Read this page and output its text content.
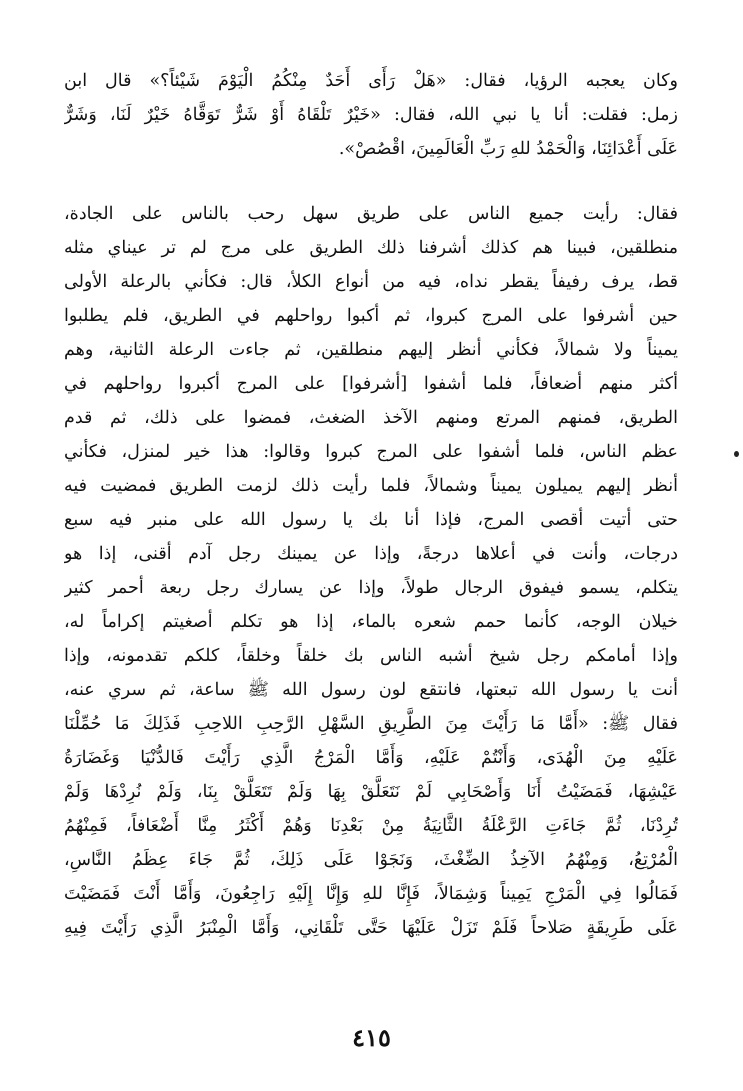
وكان يعجبه الرؤيا، فقال: «هَلْ رَأَى أَحَدٌ مِنْكُمُ الْيَوْمَ شَيْئاً؟» قال ابن
زمل: فقلت: أنا يا نبي الله، فقال: «خَيْرٌ تَلْقَاهُ أَوْ شَرٌّ تَوَقَّاهُ خَيْرٌ لَنَا، وَشَرٌّ
عَلَى أَعْدَائِنَا، وَالْحَمْدُ للهِ رَبِّ الْعَالَمِينَ، اقْصُصْ».
فقال: رأيت جميع الناس على طريق سهل رحب بالناس على الجادة،
منطلقين، فبينا هم كذلك أشرفنا ذلك الطريق على مرج لم تر عيناي مثله
قط، يرف رفيفاً يقطر نداه، فيه من أنواع الكلأ، قال: فكأني بالرعلة الأولى
حين أشرفوا على المرج كبروا، ثم أكبوا رواحلهم في الطريق، فلم يطلبوا
يميناً ولا شمالاً، فكأني أنظر إليهم منطلقين، ثم جاءت الرعلة الثانية، وهم
أكثر منهم أضعافاً، فلما أشفوا [أشرفوا] على المرج أكبروا رواحلهم في
الطريق، فمنهم المرتع ومنهم الآخذ الضغث، فمضوا على ذلك، ثم قدم
عظم الناس، فلما أشفوا على المرج كبروا وقالوا: هذا خير لمنزل، فكأني
أنظر إليهم يميلون يميناً وشمالاً، فلما رأيت ذلك لزمت الطريق فمضيت فيه
حتى أتيت أقصى المرج، فإذا أنا بك يا رسول الله على منبر فيه سبع
درجات، وأنت في أعلاها درجةً، وإذا عن يمينك رجل آدم أقنى، إذا هو
يتكلم، يسمو فيفوق الرجال طولاً، وإذا عن يسارك رجل ربعة أحمر كثير
خيلان الوجه، كأنما حمم شعره بالماء، إذا هو تكلم أصغيتم إكراماً له،
وإذا أمامكم رجل شيخ أشبه الناس بك خلقاً وخلقاً، كلكم تقدمونه، وإذا
أنت يا رسول الله تبعتها، فانتقع لون رسول الله ﷺ ساعة، ثم سري عنه،
فقال ﷺ: «أَمَّا مَا رَأَيْتَ مِنَ الطَّرِيقِ السَّهْلِ الرَّحِبِ اللاحِبِ فَذَلِكَ مَا حُمِّلْنَا
عَلَيْهِ مِنَ الْهُدَى، وَأَنْتُمْ عَلَيْهِ، وَأَمَّا الْمَرْجُ الَّذِي رَأَيْتَ فَالدُّنْيَا وَغَضَارَةُ
عَيْشِهَا، فَمَضَيْتُ أَنَا وَأَصْحَابِي لَمْ نَتَعَلَّقْ بِهَا وَلَمْ تَتَعَلَّقْ بِنَا، وَلَمْ نُرِدْهَا وَلَمْ
تُرِدْنَا، ثُمَّ جَاءَتِ الرَّعْلَةُ الثَّانِيَةُ مِنْ بَعْدِنَا وَهُمْ أَكْثَرُ مِنَّا أَضْعَافاً، فَمِنْهُمُ
الْمُرْتِعُ، وَمِنْهُمُ الآخِذُ الضِّغْثَ، وَنَجَوْا عَلَى ذَلِكَ، ثُمَّ جَاءَ عِظَمُ النَّاسِ،
فَمَالُوا فِي الْمَرْجِ يَمِيناً وَشِمَالاً، فَإِنَّا للهِ وَإِنَّا إِلَيْهِ رَاجِعُونَ، وَأَمَّا أَنْتَ فَمَضَيْتَ
عَلَى طَرِيقَةٍ صَلاحاً فَلَمْ تَزَلْ عَلَيْهَا حَتَّى تَلْقَانِي، وَأَمَّا الْمِنْبَرُ الَّذِي رَأَيْتَ فِيهِ
٤١٥
